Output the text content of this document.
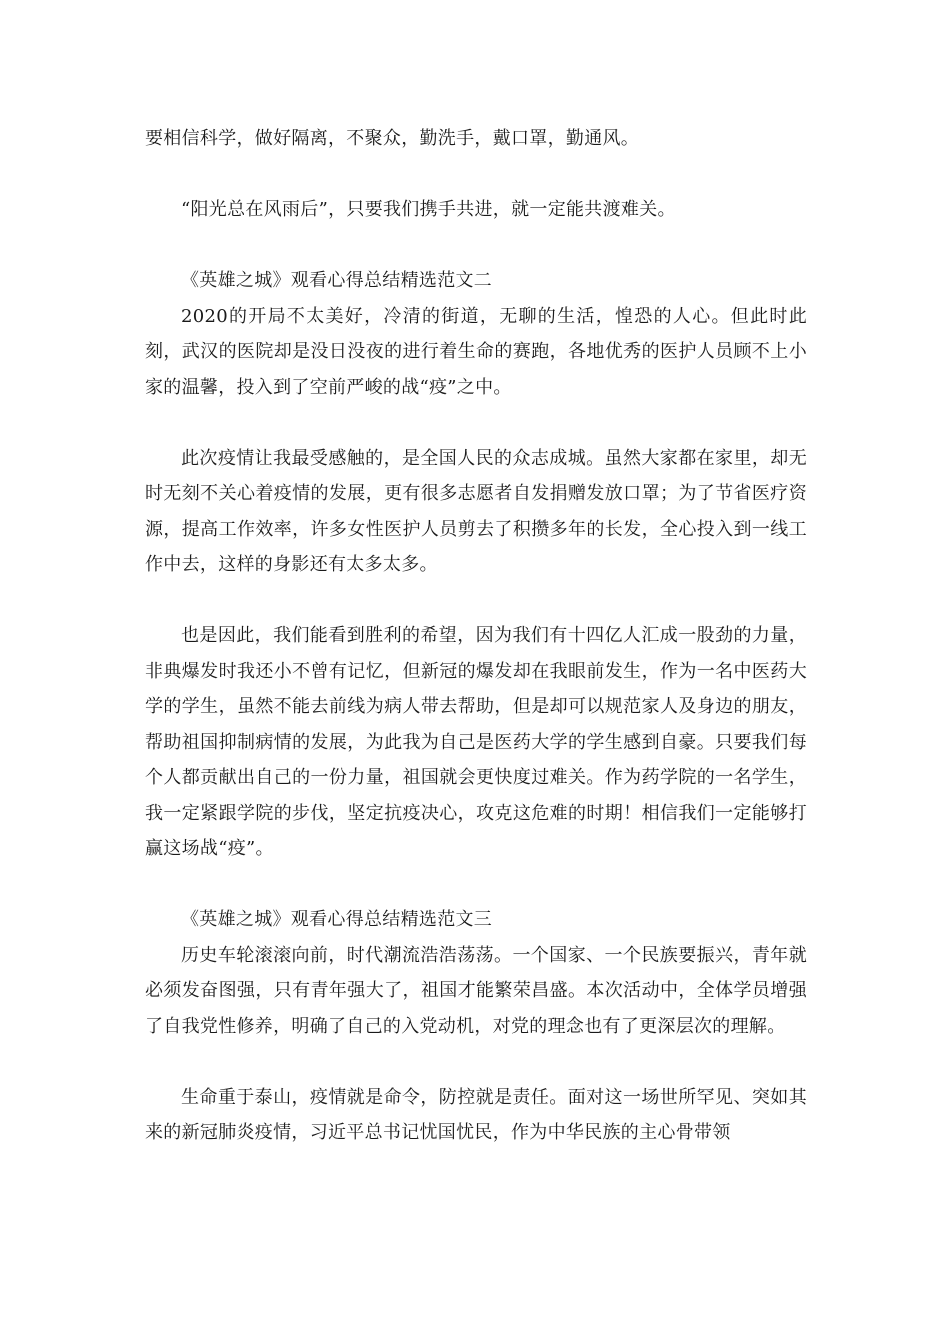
要相信科学，做好隔离，不聚众，勤洗手，戴口罩，勤通风。

“阳光总在风雨后”，只要我们携手共进，就一定能共渡难关。

《英雄之城》观看心得总结精选范文二

2020的开局不太美好，冷清的街道，无聊的生活，惶恐的人心。但此时此刻，武汉的医院却是没日没夜的进行着生命的赛跑，各地优秀的医护人员顾不上小家的温馨，投入到了空前严峻的战“疫”之中。

此次疫情让我最受感触的，是全国人民的众志成城。虽然大家都在家里，却无时无刻不关心着疫情的发展，更有很多志愿者自发捐赠发放口罩；为了节省医疗资源，提高工作效率，许多女性医护人员剪去了积攒多年的长发，全心投入到一线工作中去，这样的身影还有太多太多。

也是因此，我们能看到胜利的希望，因为我们有十四亿人汇成一股劲的力量，非典爆发时我还小不曾有记忆，但新冠的爆发却在我眼前发生，作为一名中医药大学的学生，虽然不能去前线为病人带去帮助，但是却可以规范家人及身边的朋友，帮助祖国抑制病情的发展，为此我为自己是医药大学的学生感到自豪。只要我们每个人都贡献出自己的一份力量，祖国就会更快度过难关。作为药学院的一名学生，我一定紧跟学院的步伐，坚定抗疫决心，攻克这危难的时期！相信我们一定能够打赢这场战“疫”。

《英雄之城》观看心得总结精选范文三

历史车轮滚滚向前，时代潮流浩浩荡荡。一个国家、一个民族要振兴，青年就必须发奋图强，只有青年强大了，祖国才能繁荣昌盛。本次活动中，全体学员增强了自我党性修养，明确了自己的入党动机，对党的理念也有了更深层次的理解。

生命重于泰山，疫情就是命令，防控就是责任。面对这一场世所罕见、突如其来的新冠肺炎疫情，习近平总书记忧国忧民，作为中华民族的主心骨带领
